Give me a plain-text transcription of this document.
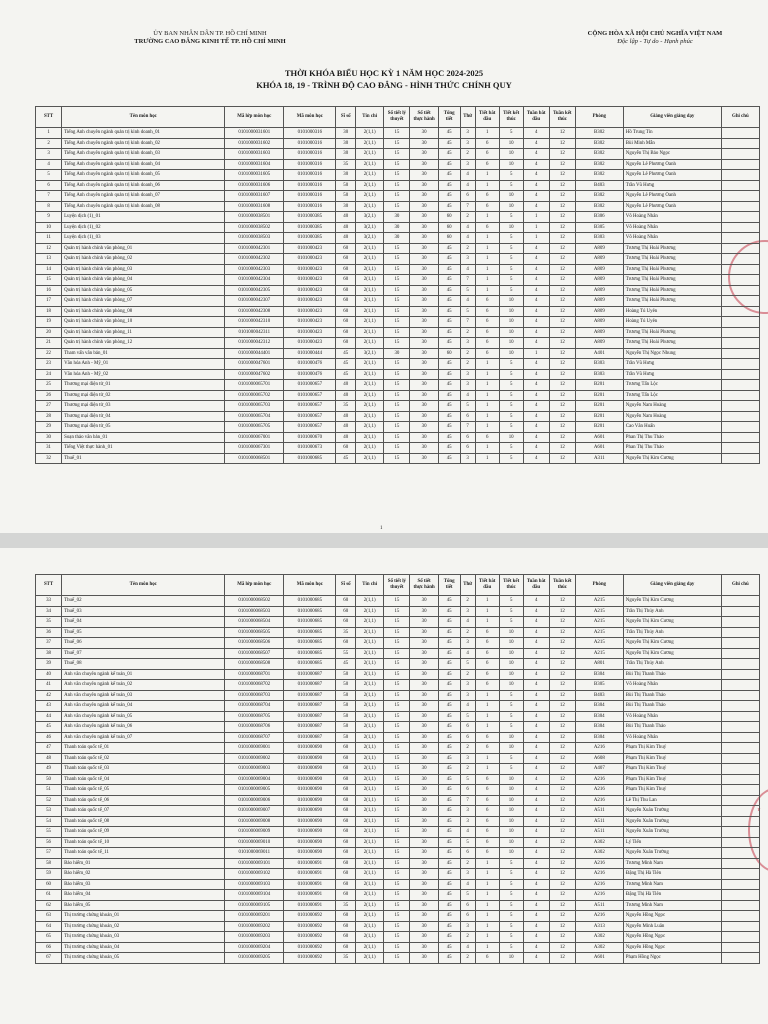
ỦY BAN NHÂN DÂN TP. HỒ CHÍ MINH
TRƯỜNG CAO ĐẲNG KINH TẾ TP. HỒ CHÍ MINH
CỘNG HÒA XÃ HỘI CHỦ NGHĨA VIỆT NAM
Độc lập - Tự do - Hạnh phúc
THỜI KHÓA BIỂU HỌC KỲ 1 NĂM HỌC 2024-2025
KHÓA 18, 19 - TRÌNH ĐỘ CAO ĐẲNG - HÌNH THỨC CHÍNH QUY
1
T
STT	Tên môn học	Mã lớp môn học	Mã môn học	Sĩ số	Tín chỉ	Số tiết lý thuyết	Số tiết thực hành	Tổng tiết	Thứ	Tiết bắt đầu	Tiết kết thúc	Tuần bắt đầu	Tuần kết thúc	Phòng	Giảng viên giảng dạy	Ghi chú
1	Tiếng Anh chuyên ngành quản trị kinh doanh_01	0101000031601	0101000316	30	2(1,1)	15	30	45	3	1	5	4	12	B302	Hồ Trung Tín	
2	Tiếng Anh chuyên ngành quản trị kinh doanh_02	0101000031602	0101000316	30	2(1,1)	15	30	45	3	6	10	4	12	B302	Bùi Minh Mẫn	
3	Tiếng Anh chuyên ngành quản trị kinh doanh_03	0101000031603	0101000316	30	2(1,1)	15	30	45	2	6	10	4	12	B302	Nguyễn Thị Bảo Ngọc	
4	Tiếng Anh chuyên ngành quản trị kinh doanh_04	0101000031604	0101000316	35	2(1,1)	15	30	45	3	6	10	4	12	B302	Nguyễn Lê Phương Oanh	
5	Tiếng Anh chuyên ngành quản trị kinh doanh_05	0101000031605	0101000316	30	2(1,1)	15	30	45	4	1	5	4	12	B302	Nguyễn Lê Phương Oanh	
6	Tiếng Anh chuyên ngành quản trị kinh doanh_06	0101000031606	0101000316	50	2(1,1)	15	30	45	4	1	5	4	12	B403	Trần Vũ Hưng	
7	Tiếng Anh chuyên ngành quản trị kinh doanh_07	0101000031607	0101000316	50	2(1,1)	15	30	45	6	6	10	4	12	B302	Nguyễn Lê Phương Oanh	
8	Tiếng Anh chuyên ngành quản trị kinh doanh_08	0101000031608	0101000316	30	2(1,1)	15	30	45	7	6	10	4	12	B302	Nguyễn Lê Phương Oanh	
9	Luyện dịch (1)_01	0101000038501	0101000385	40	3(2,1)	30	30	60	2	1	5	1	12	B306	Võ Hoàng Nhân	
10	Luyện dịch (1)_02	0101000038502	0101000385	40	3(2,1)	30	30	60	4	6	10	1	12	B305	Võ Hoàng Nhân	
11	Luyện dịch (1)_03	0101000038503	0101000385	40	3(2,1)	30	30	60	4	1	5	1	12	B303	Võ Hoàng Nhân	
12	Quản trị hành chính văn phòng_01	0101000042301	0101000423	60	2(1,1)	15	30	45	2	1	5	4	12	A809	Trương Thị Hoài Phương	
13	Quản trị hành chính văn phòng_02	0101000042302	0101000423	60	2(1,1)	15	30	45	3	1	5	4	12	A809	Trương Thị Hoài Phương	
14	Quản trị hành chính văn phòng_03	0101000042303	0101000423	60	2(1,1)	15	30	45	4	1	5	4	12	A809	Trương Thị Hoài Phương	
15	Quản trị hành chính văn phòng_04	0101000042304	0101000423	60	2(1,1)	15	30	45	7	1	5	4	12	A809	Trương Thị Hoài Phương	
16	Quản trị hành chính văn phòng_05	0101000042305	0101000423	60	2(1,1)	15	30	45	5	1	5	4	12	A809	Trương Thị Hoài Phương	
17	Quản trị hành chính văn phòng_07	0101000042307	0101000423	60	2(1,1)	15	30	45	4	6	10	4	12	A809	Trương Thị Hoài Phương	
18	Quản trị hành chính văn phòng_08	0101000042308	0101000423	60	2(1,1)	15	30	45	5	6	10	4	12	A809	Hoàng Tú Uyên	
19	Quản trị hành chính văn phòng_10	0101000042310	0101000423	60	2(1,1)	15	30	45	7	6	10	4	12	A809	Hoàng Tú Uyên	
20	Quản trị hành chính văn phòng_11	0101000042311	0101000423	60	2(1,1)	15	30	45	2	6	10	4	12	A809	Trương Thị Hoài Phương	
21	Quản trị hành chính văn phòng_12	0101000042312	0101000423	60	2(1,1)	15	30	45	3	6	10	4	12	A809	Trương Thị Hoài Phương	
22	Tham vấn văn bản_01	0101000044401	0101000444	45	3(2,1)	30	30	60	2	6	10	1	12	A401	Nguyễn Thị Ngọc Nhung	
23	Văn hóa Anh - Mỹ_01	0101000047601	0101000476	45	2(1,1)	15	30	45	2	1	5	4	12	B303	Trần Vũ Hưng	
24	Văn hóa Anh - Mỹ_02	0101000047602	0101000476	45	2(1,1)	15	30	45	3	1	5	4	12	B303	Trần Vũ Hưng	
25	Thương mại điện tử_01	0101000065701	0101000657	40	2(1,1)	15	30	45	3	1	5	4	12	B201	Trương Tấn Lộc	
26	Thương mại điện tử_02	0101000065702	0101000657	40	2(1,1)	15	30	45	4	1	5	4	12	B201	Trương Tấn Lộc	
27	Thương mại điện tử_03	0101000065703	0101000657	35	2(1,1)	15	30	45	5	1	5	4	12	B201	Nguyễn Nam Hoàng	
28	Thương mại điện tử_04	0101000065704	0101000657	40	2(1,1)	15	30	45	6	1	5	4	12	B201	Nguyễn Nam Hoàng	
29	Thương mại điện tử_05	0101000065705	0101000657	40	2(1,1)	15	30	45	7	1	5	4	12	B201	Cao Văn Huấn	
30	Soạn thảo văn bản_01	0101000067001	0101000670	40	2(1,1)	15	30	45	6	6	10	4	12	A601	Phan Thị Thu Thảo	
31	Tiếng Việt thực hành_01	0101000067301	0101000673	60	2(1,1)	15	30	45	6	1	5	4	12	A601	Phan Thị Thu Thảo	
32	Thuế_01	0101000068501	0101000685	45	2(1,1)	15	30	45	3	1	5	4	12	A311	Nguyễn Thị Kim Cương	
STT	Tên môn học	Mã lớp môn học	Mã môn học	Sĩ số	Tín chỉ	Số tiết lý thuyết	Số tiết thực hành	Tổng tiết	Thứ	Tiết bắt đầu	Tiết kết thúc	Tuần bắt đầu	Tuần kết thúc	Phòng	Giảng viên giảng dạy	Ghi chú
33	Thuế_02	0101000068502	0101000685	60	2(1,1)	15	30	45	2	1	5	4	12	A215	Nguyễn Thị Kim Cương	
34	Thuế_03	0101000068503	0101000685	60	2(1,1)	15	30	45	3	1	5	4	12	A215	Trần Thị Thúy Anh	
35	Thuế_04	0101000068504	0101000685	60	2(1,1)	15	30	45	4	1	5	4	12	A215	Nguyễn Thị Kim Cương	
36	Thuế_05	0101000068505	0101000685	35	2(1,1)	15	30	45	2	6	10	4	12	A215	Trần Thị Thúy Anh	
37	Thuế_06	0101000068506	0101000685	60	2(1,1)	15	30	45	3	6	10	4	12	A215	Nguyễn Thị Kim Cương	
38	Thuế_07	0101000068507	0101000685	55	2(1,1)	15	30	45	4	6	10	4	12	A215	Nguyễn Thị Kim Cương	
39	Thuế_08	0101000068508	0101000685	45	2(1,1)	15	30	45	5	6	10	4	12	A801	Trần Thị Thúy Anh	
40	Anh văn chuyên ngành kế toán_01	0101000068701	0101000687	50	2(1,1)	15	30	45	2	6	10	4	12	B304	Bùi Thị Thanh Thảo	
41	Anh văn chuyên ngành kế toán_02	0101000068702	0101000687	50	2(1,1)	15	30	45	3	6	10	4	12	B305	Võ Hoàng Nhân	
42	Anh văn chuyên ngành kế toán_03	0101000068703	0101000687	50	2(1,1)	15	30	45	3	1	5	4	12	B403	Bùi Thị Thanh Thảo	
43	Anh văn chuyên ngành kế toán_04	0101000068704	0101000687	50	2(1,1)	15	30	45	4	1	5	4	12	B304	Bùi Thị Thanh Thảo	
44	Anh văn chuyên ngành kế toán_05	0101000068705	0101000687	50	2(1,1)	15	30	45	5	1	5	4	12	B304	Võ Hoàng Nhân	
45	Anh văn chuyên ngành kế toán_06	0101000068706	0101000687	50	2(1,1)	15	30	45	6	1	5	4	12	B304	Bùi Thị Thanh Thảo	
46	Anh văn chuyên ngành kế toán_07	0101000068707	0101000687	50	2(1,1)	15	30	45	6	6	10	4	12	B304	Võ Hoàng Nhân	
47	Thanh toán quốc tế_01	0101000069001	0101000690	60	2(1,1)	15	30	45	2	6	10	4	12	A216	Phạm Thị Kim Thuý	
48	Thanh toán quốc tế_02	0101000069002	0101000690	60	2(1,1)	15	30	45	3	1	5	4	12	A608	Phạm Thị Kim Thuý	
49	Thanh toán quốc tế_03	0101000069003	0101000690	60	2(1,1)	15	30	45	2	1	5	4	12	A407	Phạm Thị Kim Thuý	
50	Thanh toán quốc tế_04	0101000069004	0101000690	60	2(1,1)	15	30	45	5	6	10	4	12	A216	Phạm Thị Kim Thuý	
51	Thanh toán quốc tế_05	0101000069005	0101000690	60	2(1,1)	15	30	45	6	6	10	4	12	A216	Phạm Thị Kim Thuý	
52	Thanh toán quốc tế_06	0101000069006	0101000690	60	2(1,1)	15	30	45	7	6	10	4	12	A216	Lê Thị Thu Lan	
53	Thanh toán quốc tế_07	0101000069007	0101000690	60	2(1,1)	15	30	45	3	6	10	4	12	A511	Nguyễn Xuân Trường	
54	Thanh toán quốc tế_08	0101000069008	0101000690	60	2(1,1)	15	30	45	3	6	10	4	12	A511	Nguyễn Xuân Trường	
55	Thanh toán quốc tế_09	0101000069009	0101000690	60	2(1,1)	15	30	45	4	6	10	4	12	A511	Nguyễn Xuân Trường	
56	Thanh toán quốc tế_10	0101000069010	0101000690	60	2(1,1)	15	30	45	5	6	10	4	12	A302	Lý Tiến	
57	Thanh toán quốc tế_11	0101000069011	0101000690	60	2(1,1)	15	30	45	6	6	10	4	12	A302	Nguyễn Xuân Trường	
58	Bảo hiểm_01	0101000069101	0101000691	60	2(1,1)	15	30	45	2	1	5	4	12	A216	Trương Minh Nam	
59	Bảo hiểm_02	0101000069102	0101000691	60	2(1,1)	15	30	45	3	1	5	4	12	A216	Đặng Thị Hà Tiên	
60	Bảo hiểm_03	0101000069103	0101000691	60	2(1,1)	15	30	45	4	1	5	4	12	A216	Trương Minh Nam	
61	Bảo hiểm_04	0101000069104	0101000691	60	2(1,1)	15	30	45	5	1	5	4	12	A216	Đặng Thị Hà Tiên	
62	Bảo hiểm_05	0101000069105	0101000691	35	2(1,1)	15	30	45	6	1	5	4	12	A511	Trương Minh Nam	
63	Thị trường chứng khoán_01	0101000069201	0101000692	60	2(1,1)	15	30	45	6	1	5	4	12	A216	Nguyễn Hồng Ngọc	
64	Thị trường chứng khoán_02	0101000069202	0101000692	60	2(1,1)	15	30	45	3	1	5	4	12	A313	Nguyễn Minh Luân	
65	Thị trường chứng khoán_03	0101000069203	0101000692	60	2(1,1)	15	30	45	2	1	5	4	12	A302	Nguyễn Hồng Ngọc	
66	Thị trường chứng khoán_04	0101000069204	0101000692	60	2(1,1)	15	30	45	4	1	5	4	12	A302	Nguyễn Hồng Ngọc	
67	Thị trường chứng khoán_05	0101000069205	0101000692	35	2(1,1)	15	30	45	2	6	10	4	12	A601	Phạm Hồng Ngọc	
